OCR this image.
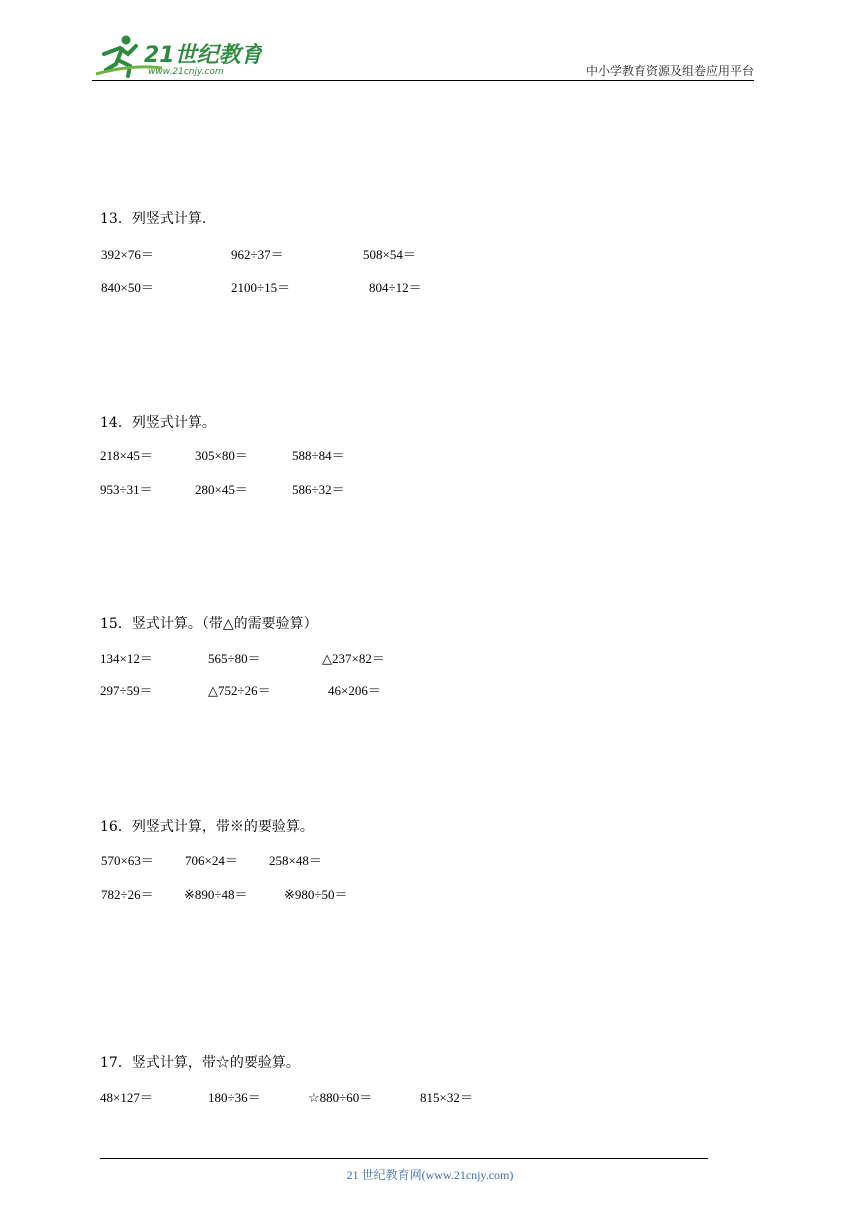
21世纪教育
www.21cnjy.com	中小学教育资源及组卷应用平台
13．列竖式计算.
392×76＝	962÷37＝	508×54＝
840×50＝	2100÷15＝	804÷12＝
14．列竖式计算。
218×45＝	305×80＝	588÷84＝
953÷31＝	280×45＝	586÷32＝
15．竖式计算。（带△的需要验算）
134×12＝	565÷80＝	△237×82＝
297÷59＝	△752÷26＝	46×206＝
16．列竖式计算，带※的要验算。
570×63＝ 706×24＝ 258×48＝
782÷26＝ ※890÷48＝	※980÷50＝
17．竖式计算，带☆的要验算。
48×127＝	180÷36＝	☆880÷60＝	815×32＝
21 世纪教育网(www.21cnjy.com)
